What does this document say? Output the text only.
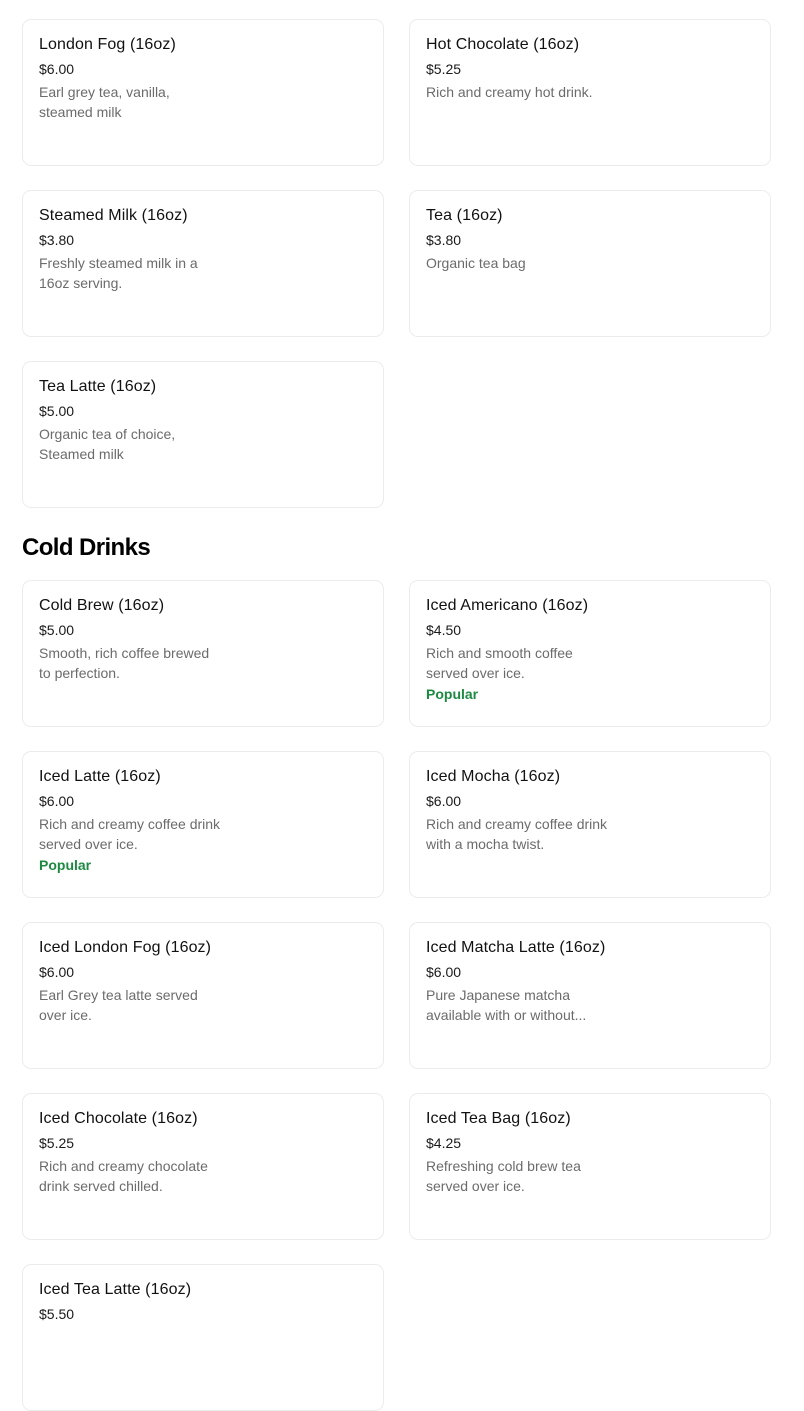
London Fog (16oz)
$6.00
Earl grey tea, vanilla, steamed milk
Hot Chocolate (16oz)
$5.25
Rich and creamy hot drink.
Steamed Milk (16oz)
$3.80
Freshly steamed milk in a 16oz serving.
Tea (16oz)
$3.80
Organic tea bag
Tea Latte (16oz)
$5.00
Organic tea of choice, Steamed milk
Cold Drinks
Cold Brew (16oz)
$5.00
Smooth, rich coffee brewed to perfection.
Iced Americano (16oz)
$4.50
Rich and smooth coffee served over ice.
Popular
Iced Latte (16oz)
$6.00
Rich and creamy coffee drink served over ice.
Popular
Iced Mocha (16oz)
$6.00
Rich and creamy coffee drink with a mocha twist.
Iced London Fog (16oz)
$6.00
Earl Grey tea latte served over ice.
Iced Matcha Latte (16oz)
$6.00
Pure Japanese matcha available with or without...
Iced Chocolate (16oz)
$5.25
Rich and creamy chocolate drink served chilled.
Iced Tea Bag (16oz)
$4.25
Refreshing cold brew tea served over ice.
Iced Tea Latte (16oz)
$5.50
